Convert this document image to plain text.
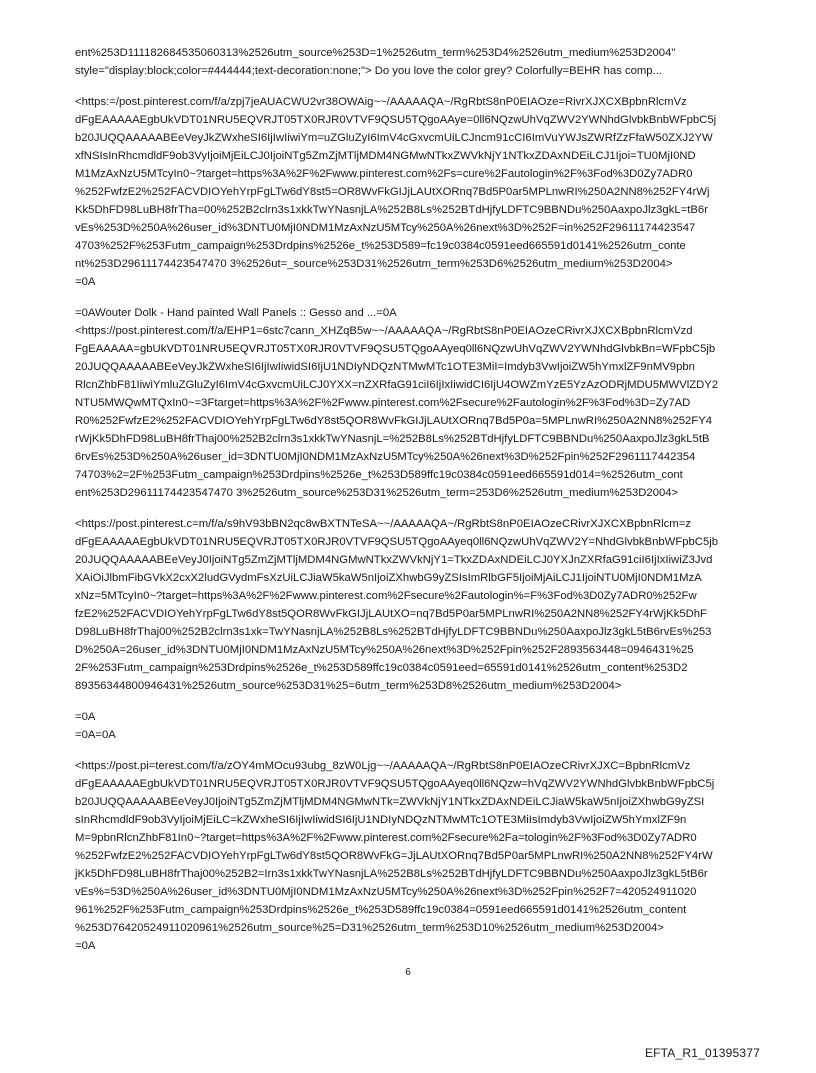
ent%253D111182684535060313%2526utm_source%253D=1%2526utm_term%253D4%2526utm_medium%253D2004"
style="display:block;color=#444444;text-decoration:none;"> Do you love the color grey? Colorfully=BEHR has comp...
<https:=/post.pinterest.com/f/a/zpj7jeAUACWU2vr38OWAig~~/AAAAAQA~/RgRbtS8nP0EIAOze=RivrXJXCXBpbnRlcmVz
dFgEAAAAAEgbUkVDT01NRU5EQVRJT05TX0RJR0VTVF9QSU5TQgoAAye=0ll6NQzwUhVqZWV2YWNhdGlvbkBnbWFpbC5j
b20JUQQAAAAABEeVeyJkZWxheSI6IjIwIiwiYm=uZGluZyI6ImV4cGxvcmUiLCJncm91cCI6ImVuYWJsZWRfZzFfaW50ZXJ2YW
xfNSIsInRhcmdldF9ob3VyIjoiMjEiLCJ0IjoiNTg5ZmZjMTljMDM4NGMwNTkxZWVkNjY1NTkxZDAxNDEiLCJ1Ijoi=TU0MjI0ND
M1MzAxNzU5MTcyIn0~?target=https%3A%2F%2Fwww.pinterest.com%2Fs=cure%2Fautologin%2F%3Fod%3D0Zy7ADR0
%252FwfzE2%252FACVDIOYehYrpFgLTw6dY8st5=OR8WvFkGIJjLAUtXORnq7Bd5P0ar5MPLnwRI%250A2NN8%252FY4rWj
Kk5DhFD98LuBH8frTha=00%252B2clrn3s1xkkTwYNasnjLA%252B8Ls%252BTdHjfyLDFTC9BBNDu%250AaxpoJlz3gkL=tB6r
vEs%253D%250A%26user_id%3DNTU0MjI0NDM1MzAxNzU5MTcy%250A%26next%3D%252F=in%252F29611174423547
4703%252F%253Futm_campaign%253Drdpins%2526e_t%253D589=fc19c0384c0591eed665591d0141%2526utm_conte
nt%253D29611174423547470 3%2526ut=_source%253D31%2526utm_term%253D6%2526utm_medium%253D2004>
=0A
=0AWouter Dolk - Hand painted Wall Panels :: Gesso and ...=0A
<https://post.pinterest.com/f/a/EHP1=6stc7cann_XHZqB5w~~/AAAAAQA~/RgRbtS8nP0EIAOzeCRivrXJXCXBpbnRlcmVzd
FgEAAAAA=gbUkVDT01NRU5EQVRJT05TX0RJR0VTVF9QSU5TQgoAAyeq0ll6NQzwUhVqZWV2YWNhdGlvbkBn=WFpbC5jb
20JUQQAAAAABEeVeyJkZWxheSI6IjIwIiwidSI6IjU1NDIyNDQzNTMwMTc1OTE3MiI=Imdyb3VwIjoiZW5hYmxlZF9nMV9pbn
RlcnZhbF81IiwiYmluZGluZyI6ImV4cGxvcmUiLCJ0YXX=nZXRfaG91ciI6IjIxIiwidCI6IjU4OWZmYzE5YzAzODRjMDU5MWVlZDY2
NTU5MWQwMTQxIn0~=3Ftarget=https%3A%2F%2Fwww.pinterest.com%2Fsecure%2Fautologin%2F%3Fod%3D=Zy7AD
R0%252FwfzE2%252FACVDIOYehYrpFgLTw6dY8st5QOR8WvFkGIJjLAUtXORnq7Bd5P0a=5MPLnwRI%250A2NN8%252FY4
rWjKk5DhFD98LuBH8frThaj00%252B2clrn3s1xkkTwYNasnjL=%252B8Ls%252BTdHjfyLDFTC9BBNDu%250AaxpoJlz3gkL5tB
6rvEs%253D%250A%26user_id=3DNTU0MjI0NDM1MzAxNzU5MTcy%250A%26next%3D%252Fpin%252F2961117442354
74703%2=2F%253Futm_campaign%253Drdpins%2526e_t%253D589ffc19c0384c0591eed665591d014=%2526utm_cont
ent%253D29611174423547470 3%2526utm_source%253D31%2526utm_term=253D6%2526utm_medium%253D2004>
<https://post.pinterest.c=m/f/a/s9hV93bBN2qc8wBXTNTeSA~~/AAAAAQA~/RgRbtS8nP0EIAOzeCRivrXJXCXBpbnRlcm=z
dFgEAAAAAEgbUkVDT01NRU5EQVRJT05TX0RJR0VTVF9QSU5TQgoAAyeq0ll6NQzwUhVqZWV2Y=NhdGlvbkBnbWFpbC5jb
20JUQQAAAAABEeVeyJ0IjoiNTg5ZmZjMTljMDM4NGMwNTkxZWVkNjY1=TkxZDAxNDEiLCJ0YXJnZXRfaG91ciI6IjIxIiwiZ3Jvd
XAiOiJlbmFibGVkX2cxX2ludGVydmFsXzUiLCJiaW5kaW5nIjoiZXhwbG9yZSIsImRlbGF5IjoiMjAiLCJ1IjoiNTU0MjI0NDM1MzA
xNz=5MTcyIn0~?target=https%3A%2F%2Fwww.pinterest.com%2Fsecure%2Fautologin%=F%3Fod%3D0Zy7ADR0%252Fw
fzE2%252FACVDIOYehYrpFgLTw6dY8st5QOR8WvFkGIJjLAUtXO=nq7Bd5P0ar5MPLnwRI%250A2NN8%252FY4rWjKk5DhF
D98LuBH8frThaj00%252B2clrn3s1xk=TwYNasnjLA%252B8Ls%252BTdHjfyLDFTC9BBNDu%250AaxpoJlz3gkL5tB6rvEs%253
D%250A=26user_id%3DNTU0MjI0NDM1MzAxNzU5MTcy%250A%26next%3D%252Fpin%252F2893563448=0946431%25
2F%253Futm_campaign%253Drdpins%2526e_t%253D589ffc19c0384c0591eed=65591d0141%2526utm_content%253D2
89356344800946431%2526utm_source%253D31%25=6utm_term%253D8%2526utm_medium%253D2004>
=0A
=0A=0A
<https://post.pi=terest.com/f/a/zOY4mMOcu93ubg_8zW0Ljg~~/AAAAAQA~/RgRbtS8nP0EIAOzeCRivrXJXC=BpbnRlcmVz
dFgEAAAAAEgbUkVDT01NRU5EQVRJT05TX0RJR0VTVF9QSU5TQgoAAyeq0ll6NQzw=hVqZWV2YWNhdGlvbkBnbWFpbC5j
b20JUQQAAAAABEeVeyJ0IjoiNTg5ZmZjMTljMDM4NGMwNTk=ZWVkNjY1NTkxZDAxNDEiLCJiaW5kaW5nIjoiZXhwbG9yZSI
sInRhcmdldF9ob3VyIjoiMjEiLC=kZWxheSI6IjIwIiwidSI6IjU1NDIyNDQzNTMwMTc1OTE3MiIsImdyb3VwIjoiZW5hYmxlZF9n
M=9pbnRlcnZhbF81In0~?target=https%3A%2F%2Fwww.pinterest.com%2Fsecure%2Fa=tologin%2F%3Fod%3D0Zy7ADR0
%252FwfzE2%252FACVDIOYehYrpFgLTw6dY8st5QOR8WvFkG=JjLAUtXORnq7Bd5P0ar5MPLnwRI%250A2NN8%252FY4rW
jKk5DhFD98LuBH8frThaj00%252B2=Irn3s1xkkTwYNasnjLA%252B8Ls%252BTdHjfyLDFTC9BBNDu%250AaxpoJlz3gkL5tB6r
vEs%=53D%250A%26user_id%3DNTU0MjI0NDM1MzAxNzU5MTcy%250A%26next%3D%252Fpin%252F7=420524911020
961%252F%253Futm_campaign%253Drdpins%2526e_t%253D589ffc19c0384=0591eed665591d0141%2526utm_content
%253D76420524911020961%2526utm_source%25=D31%2526utm_term%253D10%2526utm_medium%253D2004>
=0A
6
EFTA_R1_01395377
